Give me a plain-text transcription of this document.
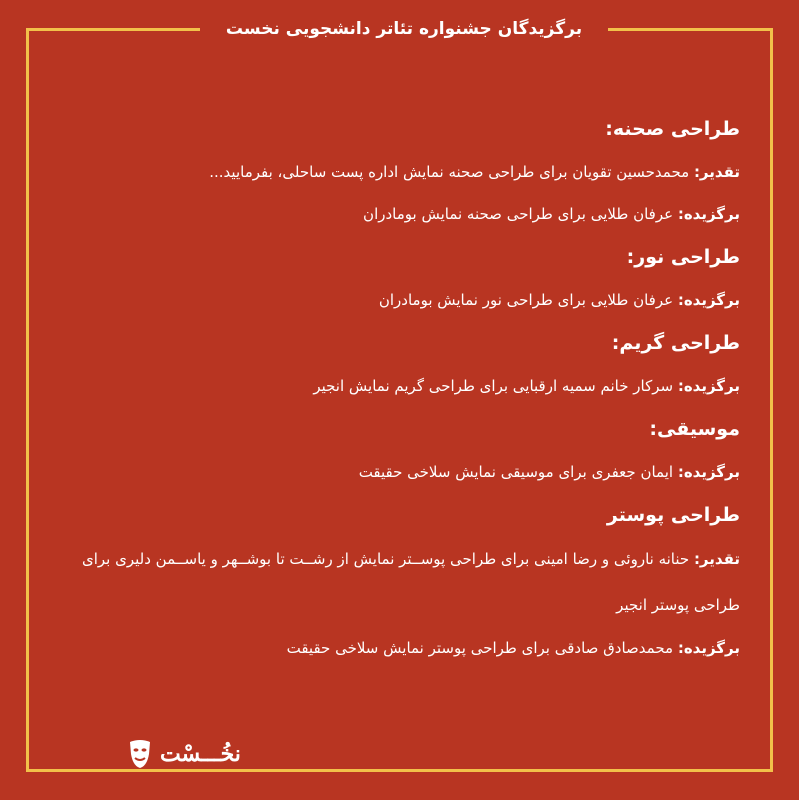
برگزیدگان جشنواره تئاتر دانشجویی نخست
طراحی صحنه:
تقدیر: محمدحسین تقویان برای طراحی صحنه نمایش اداره پست ساحلی، بفرمایید...
برگزیده: عرفان طلایی برای طراحی صحنه نمایش بومادران
طراحی نور:
برگزیده: عرفان طلایی برای طراحی نور نمایش بومادران
طراحی گریم:
برگزیده: سرکار خانم سمیه ارقبایی برای طراحی گریم نمایش انجیر
موسیقی:
برگزیده: ایمان جعفری برای موسیقی نمایش سلاخی حقیقت
طراحی پوستر
تقدیر: حنانه ناروئی و رضا امینی برای طراحی پوســتر نمایش از رشــت تا بوشــهر و یاســمن دلیری برای طراحی پوستر انجیر
برگزیده: محمدصادق صادقی برای طراحی پوستر نمایش سلاخی حقیقت
نخُـــسْت
